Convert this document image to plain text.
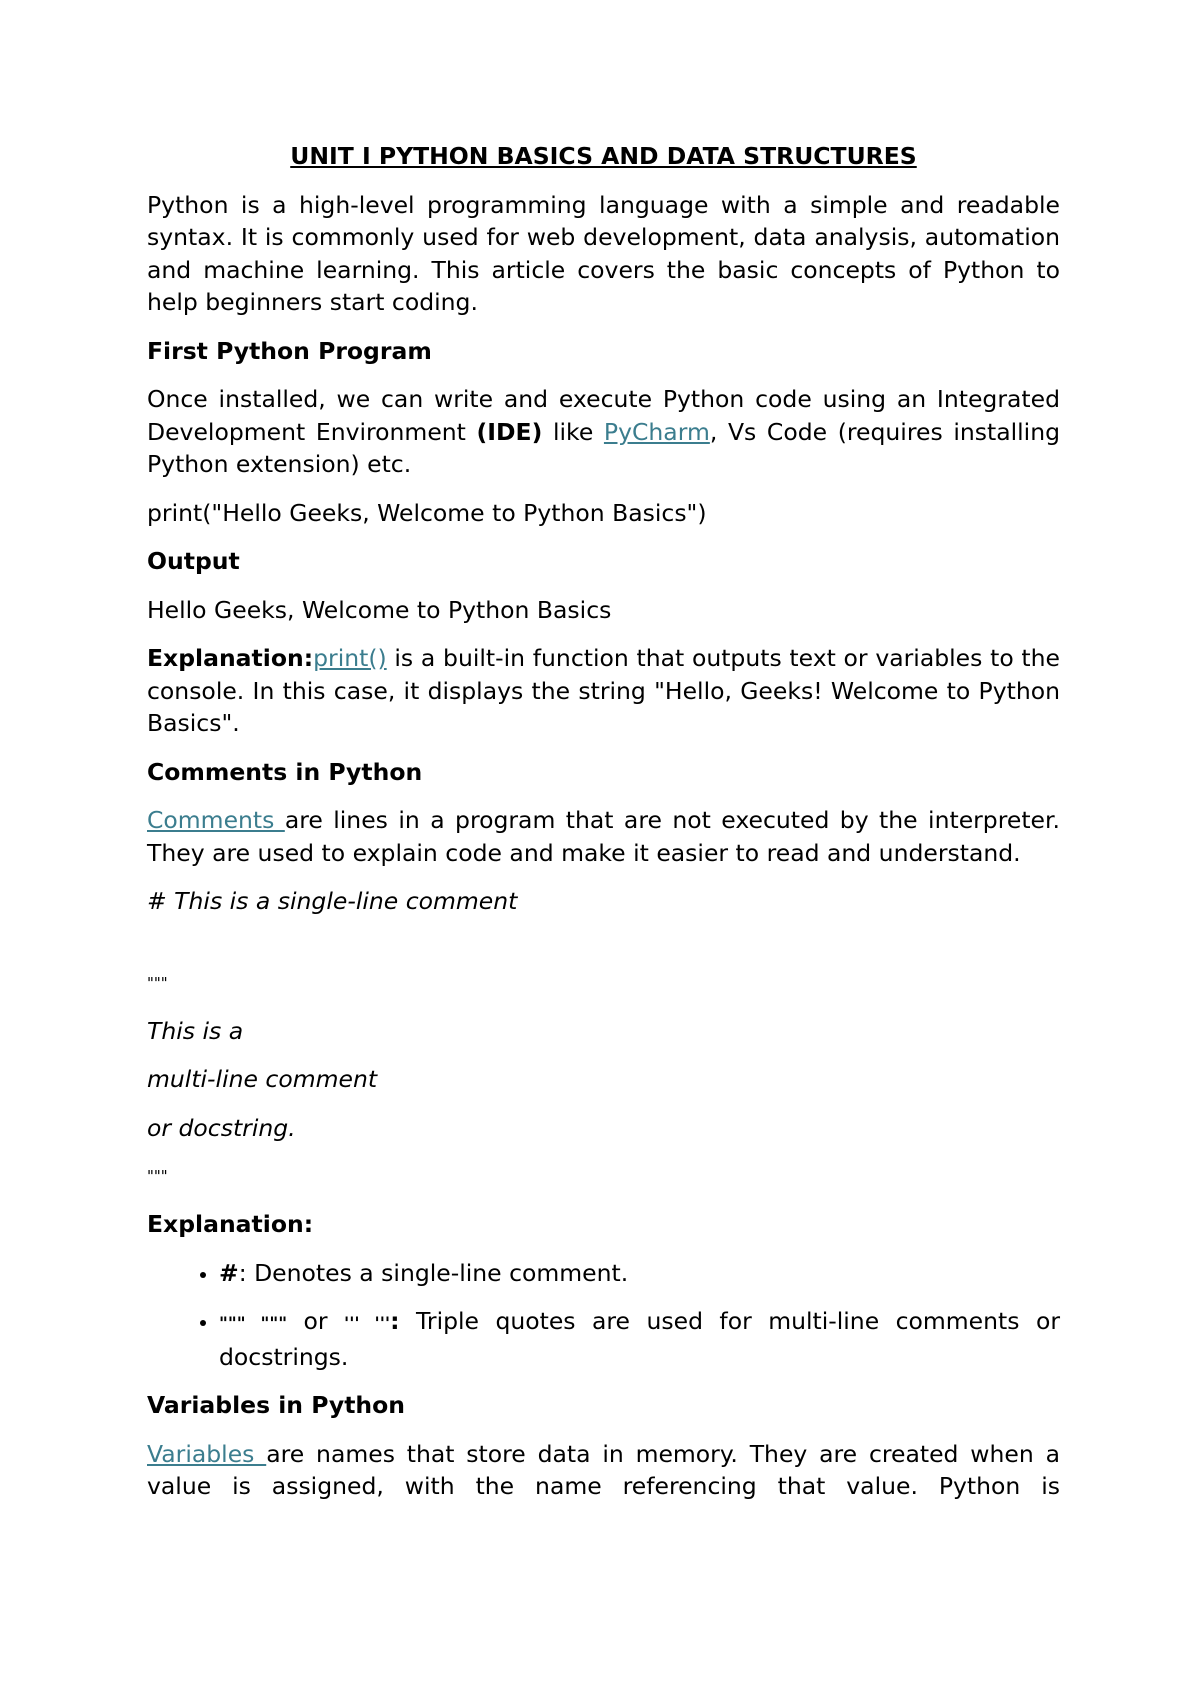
UNIT I PYTHON BASICS AND DATA STRUCTURES

Python is a high-level programming language with a simple and readable syntax. It is commonly used for web development, data analysis, automation and machine learning. This article covers the basic concepts of Python to help beginners start coding.

First Python Program

Once installed, we can write and execute Python code using an Integrated Development Environment (IDE) like PyCharm, Vs Code (requires installing Python extension) etc.

print("Hello Geeks, Welcome to Python Basics")

Output

Hello Geeks, Welcome to Python Basics

Explanation:print() is a built-in function that outputs text or variables to the console. In this case, it displays the string "Hello, Geeks! Welcome to Python Basics".

Comments in Python

Comments are lines in a program that are not executed by the interpreter. They are used to explain code and make it easier to read and understand.

# This is a single-line comment

"""

This is a

multi-line comment

or docstring.

"""

Explanation:
• #: Denotes a single-line comment.
• """ """ or ''' ''': Triple quotes are used for multi-line comments or docstrings.
Variables in Python

Variables are names that store data in memory. They are created when a value is assigned, with the name referencing that value. Python is
